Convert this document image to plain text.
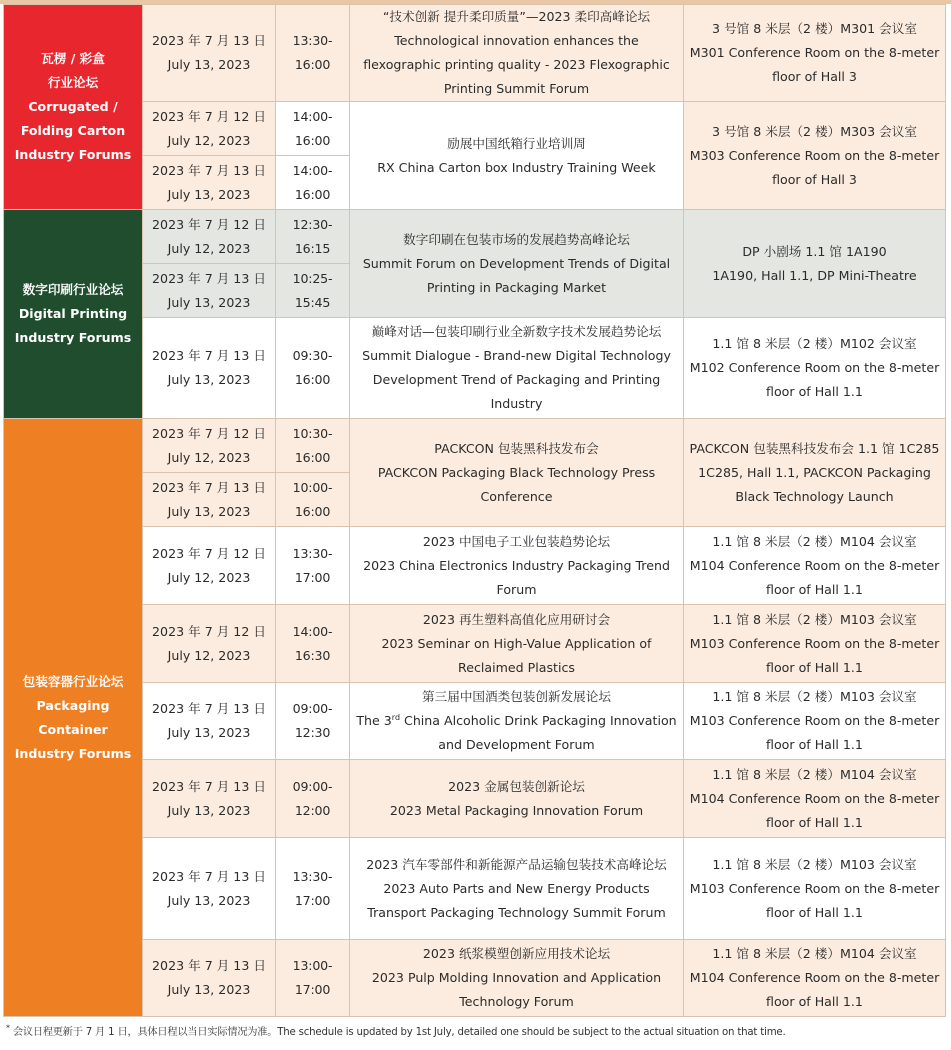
瓦楞 / 彩盒
行业论坛
Corrugated / Folding Carton Industry Forums	2023 年 7 月 13 日
July 13, 2023	13:30-16:00	“技术创新 提升柔印质量”—2023 柔印高峰论坛
Technological innovation enhances the flexographic printing quality - 2023 Flexographic Printing Summit Forum	3 号馆 8 米层（2 楼）M301 会议室
M301 Conference Room on the 8-meter floor of Hall 3

	2023 年 7 月 12 日
July 12, 2023	14:00-16:00	励展中国纸箱行业培训周
RX China Carton box Industry Training Week	3 号馆 8 米层（2 楼）M303 会议室
M303 Conference Room on the 8-meter floor of Hall 3

	2023 年 7 月 13 日
July 13, 2023	14:00-16:00		

数字印刷行业论坛
Digital Printing Industry Forums	2023 年 7 月 12 日
July 12, 2023	12:30-16:15	数字印刷在包装市场的发展趋势高峰论坛
Summit Forum on Development Trends of Digital Printing in Packaging Market	DP 小剧场 1.1 馆 1A190
1A190, Hall 1.1, DP Mini-Theatre

	2023 年 7 月 13 日
July 13, 2023	10:25-15:45		

	2023 年 7 月 13 日
July 13, 2023	09:30-16:00	巅峰对话—包装印刷行业全新数字技术发展趋势论坛
Summit Dialogue - Brand-new Digital Technology Development Trend of Packaging and Printing Industry	1.1 馆 8 米层（2 楼）M102 会议室
M102 Conference Room on the 8-meter floor of Hall 1.1

包装容器行业论坛
Packaging Container Industry Forums	2023 年 7 月 12 日
July 12, 2023	10:30-16:00	PACKCON 包装黑科技发布会
PACKCON Packaging Black Technology Press Conference	PACKCON 包装黑科技发布会 1.1 馆 1C285
1C285, Hall 1.1, PACKCON Packaging Black Technology Launch

	2023 年 7 月 13 日
July 13, 2023	10:00-16:00		

	2023 年 7 月 12 日
July 12, 2023	13:30-17:00	2023 中国电子工业包装趋势论坛
2023 China Electronics Industry Packaging Trend Forum	1.1 馆 8 米层（2 楼）M104 会议室
M104 Conference Room on the 8-meter floor of Hall 1.1

	2023 年 7 月 12 日
July 12, 2023	14:00-16:30	2023 再生塑料高值化应用研讨会
2023 Seminar on High-Value Application of Reclaimed Plastics	1.1 馆 8 米层（2 楼）M103 会议室
M103 Conference Room on the 8-meter floor of Hall 1.1

	2023 年 7 月 13 日
July 13, 2023	09:00-12:30	第三届中国酒类包装创新发展论坛
The 3rd China Alcoholic Drink Packaging Innovation and Development Forum	1.1 馆 8 米层（2 楼）M103 会议室
M103 Conference Room on the 8-meter floor of Hall 1.1

	2023 年 7 月 13 日
July 13, 2023	09:00-12:00	2023 金属包装创新论坛
2023 Metal Packaging Innovation Forum	1.1 馆 8 米层（2 楼）M104 会议室
M104 Conference Room on the 8-meter floor of Hall 1.1

	2023 年 7 月 13 日
July 13, 2023	13:30-17:00	2023 汽车零部件和新能源产品运输包装技术高峰论坛
2023 Auto Parts and New Energy Products Transport Packaging Technology Summit Forum	1.1 馆 8 米层（2 楼）M103 会议室
M103 Conference Room on the 8-meter floor of Hall 1.1

	2023 年 7 月 13 日
July 13, 2023	13:00-17:00	2023 纸浆模塑创新应用技术论坛
2023 Pulp Molding Innovation and Application Technology Forum	1.1 馆 8 米层（2 楼）M104 会议室
M104 Conference Room on the 8-meter floor of Hall 1.1
* 会议日程更新于 7 月 1 日，具体日程以当日实际情况为准。The schedule is updated by 1st July, detailed one should be subject to the actual situation on that time.
